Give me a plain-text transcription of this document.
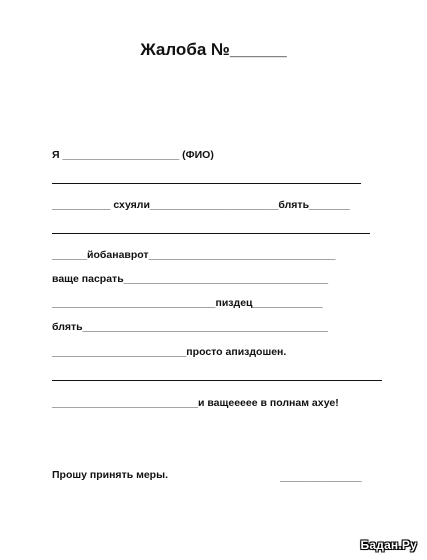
Жалоба №______
Я ____________________ (ФИО)
__________ схуяли______________________блять_______
______йобанаврот________________________________
ваще пасрать___________________________________
____________________________пиздец____________
блять__________________________________________
_______________________просто апиздошен.
_________________________и ващеееее в полнам ахуе!
Прошу принять меры.	______________
Бадан.Ру
